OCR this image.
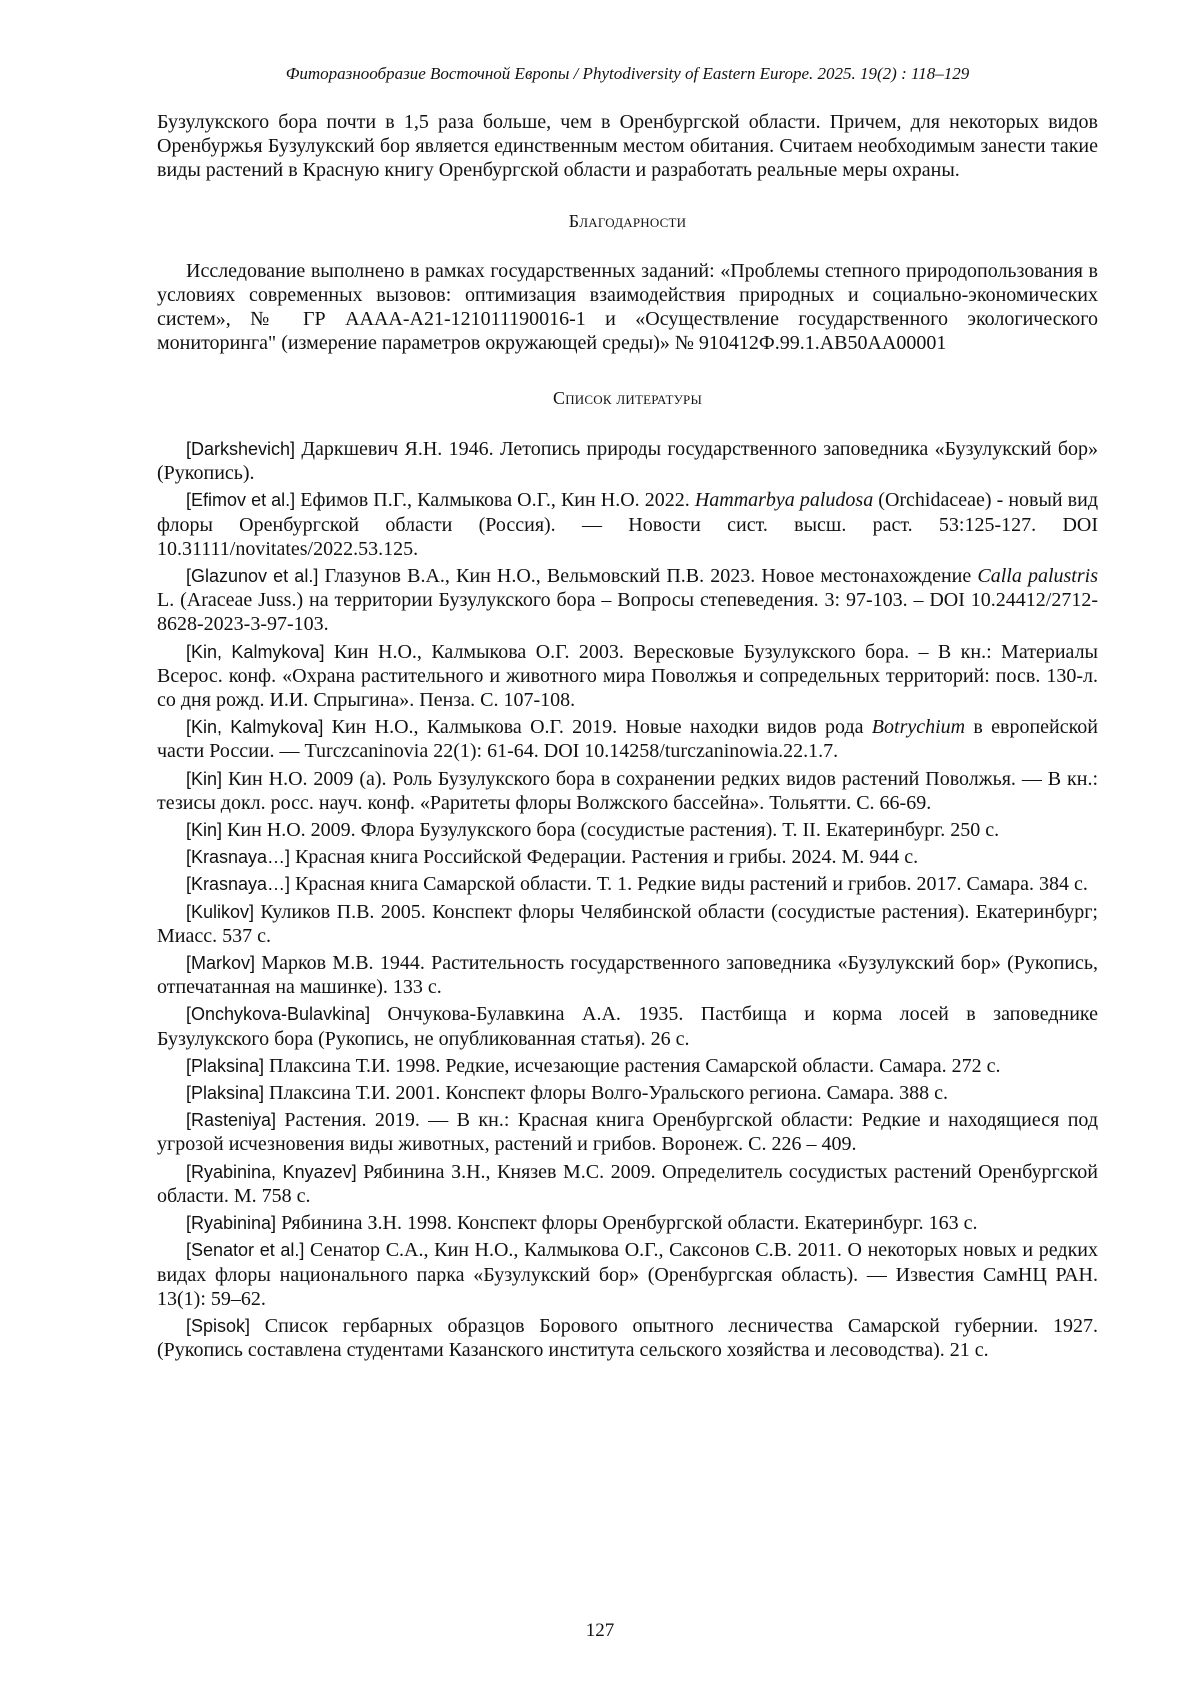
Фиторазнообразие Восточной Европы / Phytodiversity of Eastern Europe. 2025. 19(2) : 118–129

Бузулукского бора почти в 1,5 раза больше, чем в Оренбургской области. Причем, для некоторых видов Оренбуржья Бузулукский бор является единственным местом обитания. Считаем необходимым занести такие виды растений в Красную книгу Оренбургской области и разработать реальные меры охраны.

Благодарности

Исследование выполнено в рамках государственных заданий: «Проблемы степного природопользования в условиях современных вызовов: оптимизация взаимодействия природных и социально-экономических систем», № ГР АААА-А21-121011190016-1 и «Осуществление государственного экологического мониторинга" (измерение параметров окружающей среды)» № 910412Ф.99.1.АВ50АА00001

Список литературы

[Darkshevich] Даркшевич Я.Н. 1946. Летопись природы государственного заповедника «Бузулукский бор» (Рукопись).

[Efimov et al.] Ефимов П.Г., Калмыкова О.Г., Кин Н.О. 2022. Hammarbya paludosa (Orchidaceae) - новый вид флоры Оренбургской области (Россия). — Новости сист. высш. раст. 53:125-127. DOI 10.31111/novitates/2022.53.125.

[Glazunov et al.] Глазунов В.А., Кин Н.О., Вельмовский П.В. 2023. Новое местонахождение Calla palustris L. (Araceae Juss.) на территории Бузулукского бора – Вопросы степеведения. 3: 97-103. – DOI 10.24412/2712-8628-2023-3-97-103.

[Kin, Kalmykova] Кин Н.О., Калмыкова О.Г. 2003. Вересковые Бузулукского бора. – В кн.: Материалы Всерос. конф. «Охрана растительного и животного мира Поволжья и сопредельных территорий: посв. 130-л. со дня рожд. И.И. Спрыгина». Пенза. С. 107-108.

[Kin, Kalmykova] Кин Н.О., Калмыкова О.Г. 2019. Новые находки видов рода Botrychium в европейской части России. — Turczcaninovia 22(1): 61-64. DOI 10.14258/turczaninowia.22.1.7.

[Kin] Кин Н.О. 2009 (а). Роль Бузулукского бора в сохранении редких видов растений Поволжья. — В кн.: тезисы докл. росс. науч. конф. «Раритеты флоры Волжского бассейна». Тольятти. С. 66-69.

[Kin] Кин Н.О. 2009. Флора Бузулукского бора (сосудистые растения). Т. II. Екатеринбург. 250 с.

[Krasnaya…] Красная книга Российской Федерации. Растения и грибы. 2024. М. 944 с.

[Krasnaya…] Красная книга Самарской области. Т. 1. Редкие виды растений и грибов. 2017. Самара. 384 с.

[Kulikov] Куликов П.В. 2005. Конспект флоры Челябинской области (сосудистые растения). Екатеринбург; Миасс. 537 с.

[Markov] Марков М.В. 1944. Растительность государственного заповедника «Бузулукский бор» (Рукопись, отпечатанная на машинке). 133 с.

[Onchykova-Bulavkina] Ончукова-Булавкина А.А. 1935. Пастбища и корма лосей в заповеднике Бузулукского бора (Рукопись, не опубликованная статья). 26 с.

[Plaksina] Плаксина Т.И. 1998. Редкие, исчезающие растения Самарской области. Самара. 272 с.

[Plaksina] Плаксина Т.И. 2001. Конспект флоры Волго-Уральского региона. Самара. 388 с.

[Rasteniya] Растения. 2019. — В кн.: Красная книга Оренбургской области: Редкие и находящиеся под угрозой исчезновения виды животных, растений и грибов. Воронеж. С. 226 – 409.

[Ryabinina, Knyazev] Рябинина З.Н., Князев М.С. 2009. Определитель сосудистых растений Оренбургской области. М. 758 с.

[Ryabinina] Рябинина З.Н. 1998. Конспект флоры Оренбургской области. Екатеринбург. 163 с.

[Senator et al.] Сенатор С.А., Кин Н.О., Калмыкова О.Г., Саксонов С.В. 2011. О некоторых новых и редких видах флоры национального парка «Бузулукский бор» (Оренбургская область). — Известия СамНЦ РАН. 13(1): 59–62.

[Spisok] Список гербарных образцов Борового опытного лесничества Самарской губернии. 1927. (Рукопись составлена студентами Казанского института сельского хозяйства и лесоводства). 21 с.

127
